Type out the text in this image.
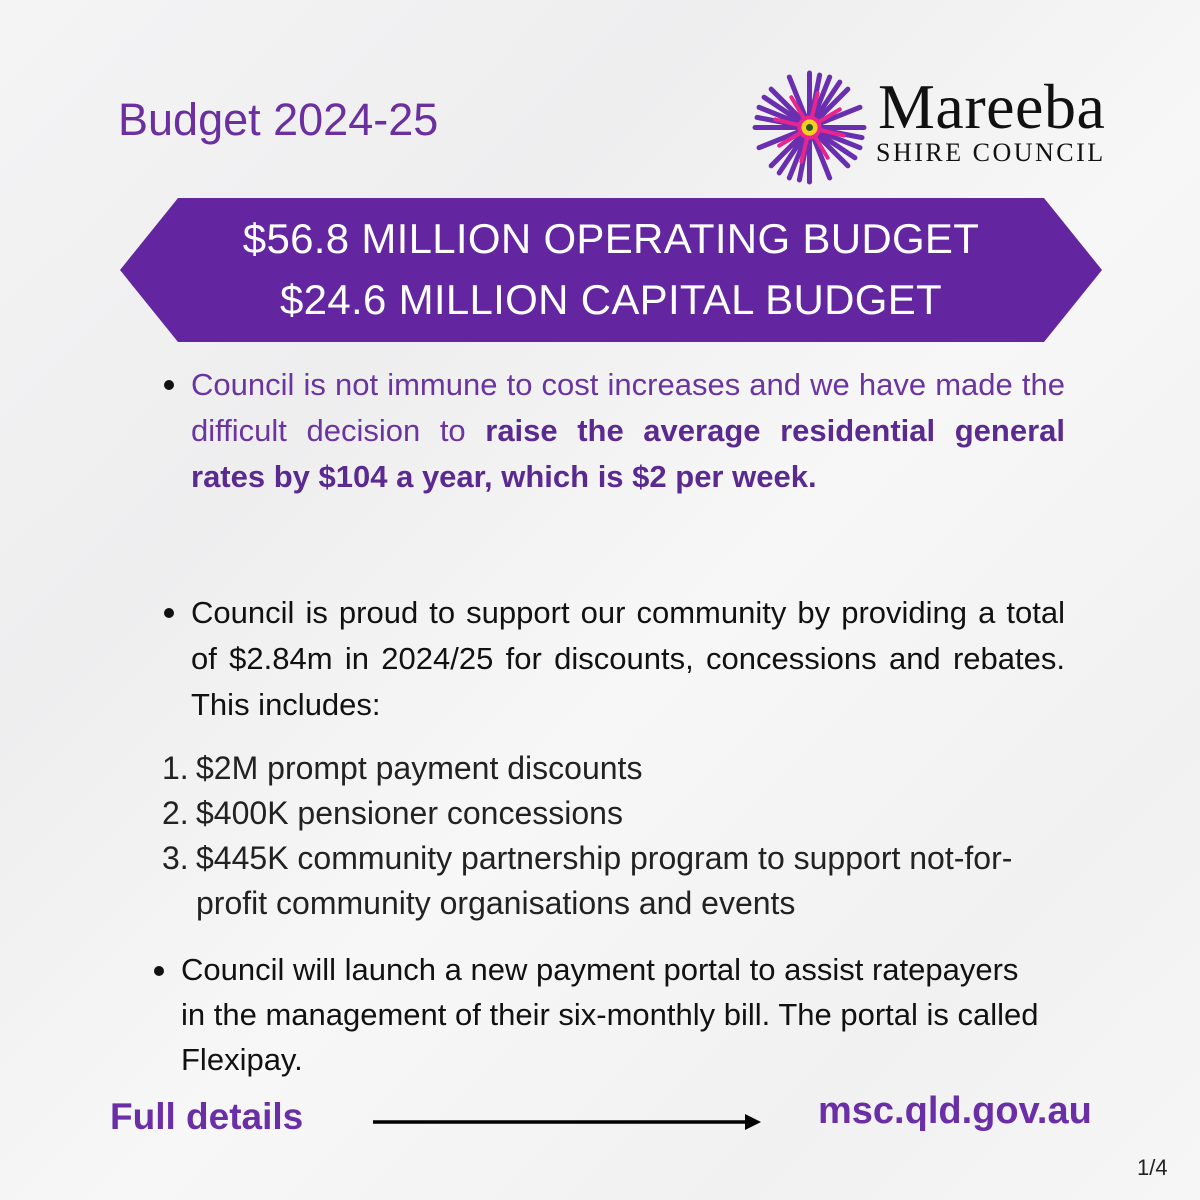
Budget 2024-25	Mareeba
SHIRE COUNCIL
$56.8 MILLION OPERATING BUDGET
$24.6 MILLION CAPITAL BUDGET
Council is not immune to cost increases and we have made the difficult decision to raise the average residential general rates by $104 a year, which is $2 per week.
Council is proud to support our community by providing a total of $2.84m in 2024/25 for discounts, concessions and rebates. This includes:
1. $2M prompt payment discounts
2. $400K pensioner concessions
3. $445K community partnership program to support not-for-profit community organisations and events
Council will launch a new payment portal to assist ratepayers in the management of their six-monthly bill. The portal is called Flexipay.
Full details	msc.qld.gov.au
1/4
